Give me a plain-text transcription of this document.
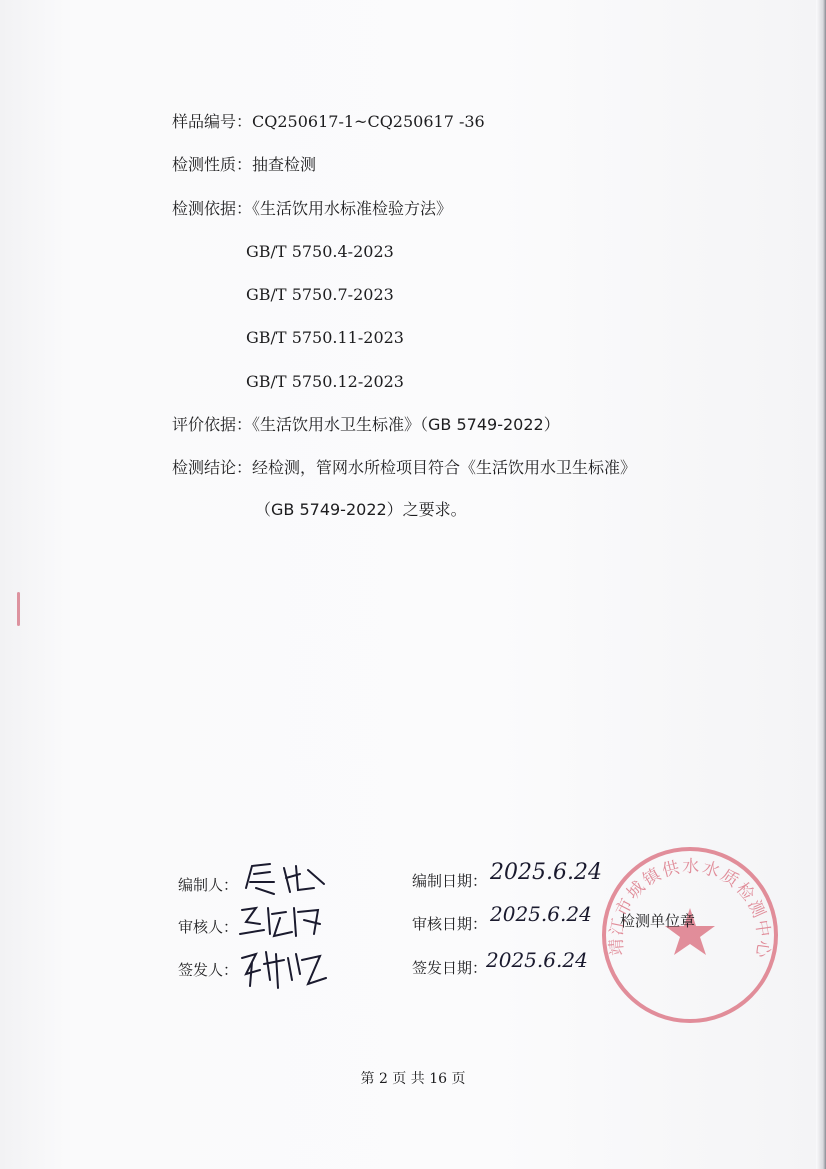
样品编号：CQ250617-1~CQ250617 -36
检测性质：抽查检测
检测依据：《生活饮用水标准检验方法》
GB/T 5750.4-2023
GB/T 5750.7-2023
GB/T 5750.11-2023
GB/T 5750.12-2023
评价依据：《生活饮用水卫生标准》（GB 5749-2022）
检测结论：经检测，管网水所检项目符合《生活饮用水卫生标准》
（GB 5749-2022）之要求。
编制人：
审核人：
签发人：
编制日期： 2025.6.24
审核日期： 2025.6.24
签发日期：
2025.6.24
靖江市城镇供水水质检测中心
检测单位章
第 2 页 共 16 页
